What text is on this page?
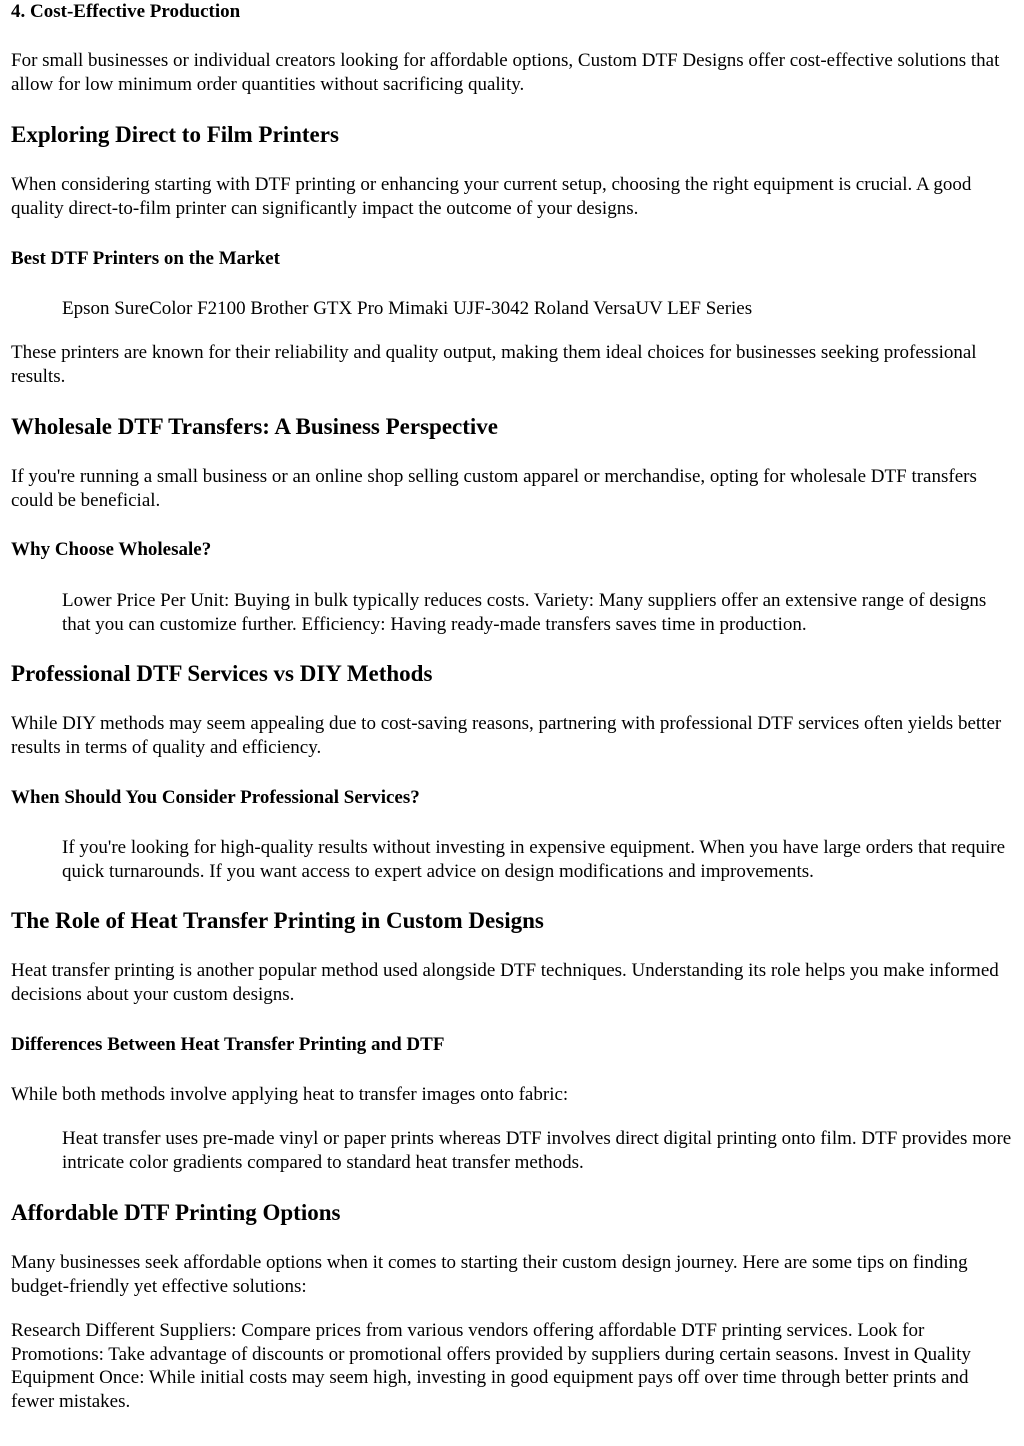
4. Cost-Effective Production

For small businesses or individual creators looking for affordable options, Custom DTF Designs offer cost-effective solutions that allow for low minimum order quantities without sacrificing quality.

Exploring Direct to Film Printers

When considering starting with DTF printing or enhancing your current setup, choosing the right equipment is crucial. A good quality direct-to-film printer can significantly impact the outcome of your designs.

Best DTF Printers on the Market

Epson SureColor F2100 Brother GTX Pro Mimaki UJF-3042 Roland VersaUV LEF Series

These printers are known for their reliability and quality output, making them ideal choices for businesses seeking professional results.

Wholesale DTF Transfers: A Business Perspective

If you're running a small business or an online shop selling custom apparel or merchandise, opting for wholesale DTF transfers could be beneficial.

Why Choose Wholesale?

Lower Price Per Unit: Buying in bulk typically reduces costs. Variety: Many suppliers offer an extensive range of designs that you can customize further. Efficiency: Having ready-made transfers saves time in production.

Professional DTF Services vs DIY Methods

While DIY methods may seem appealing due to cost-saving reasons, partnering with professional DTF services often yields better results in terms of quality and efficiency.

When Should You Consider Professional Services?

If you're looking for high-quality results without investing in expensive equipment. When you have large orders that require quick turnarounds. If you want access to expert advice on design modifications and improvements.

The Role of Heat Transfer Printing in Custom Designs

Heat transfer printing is another popular method used alongside DTF techniques. Understanding its role helps you make informed decisions about your custom designs.

Differences Between Heat Transfer Printing and DTF

While both methods involve applying heat to transfer images onto fabric:

Heat transfer uses pre-made vinyl or paper prints whereas DTF involves direct digital printing onto film. DTF provides more intricate color gradients compared to standard heat transfer methods.

Affordable DTF Printing Options

Many businesses seek affordable options when it comes to starting their custom design journey. Here are some tips on finding budget-friendly yet effective solutions:

Research Different Suppliers: Compare prices from various vendors offering affordable DTF printing services. Look for Promotions: Take advantage of discounts or promotional offers provided by suppliers during certain seasons. Invest in Quality Equipment Once: While initial costs may seem high, investing in good equipment pays off over time through better prints and fewer mistakes.
